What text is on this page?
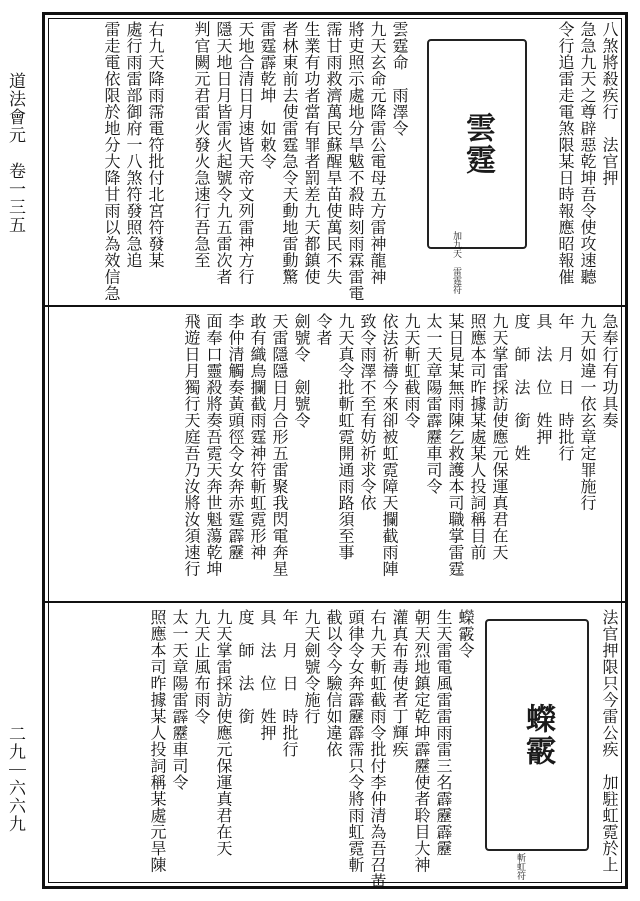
道法會元　卷一三五
二九｜六六九
雲霆
加九天　雷霆符
八煞將殺疾行　法官押
急急九天之尊辟惡乾坤吾令使攻速聽
令行追雷走電煞限某日時報應昭報催
雲霆命　雨澤令
九天玄命元降雷公電母五方雷神龍神
將吏照示處地分旱魃不殺時刻雨霖雷電
霈甘雨救濟萬民蘇醒旱苗使萬民不失
生業有功者當有罪者罰差九天都鎮使
者林東前去使雷霆急令天動地雷動驚
雷霆霹乾坤　如敕令
天地合清日月速皆天帝文列雷神方行
隱天地日月皆雷火起號令九五雷次者
判官闕元君雷火發火急速行吾急至
右九天降雨霈電符批付北宮符發某
處行雨雷部御府一八煞符發照急追
雷走電依限於地分大降甘雨以為效信急
急奉行有功具奏
九天如違一依玄章定罪施行
年　月　日　時批行
具　法　位　姓押
度　師　法　銜　姓
九天掌雷採訪使應元保運真君在天
照應本司昨據某處某人投詞稱目前
某日見某無雨陳乞救護本司職掌雷霆
太一天章陽雷霹靂車司令
九天斬虹截雨令
依法祈禱今來卻被虹霓障天攔截雨陣
致令雨澤不至有妨祈求令依
九天真令批斬虹霓開通雨路須至事
令者
劍號令　劍號令
天雷隱隱日月合形五雷聚我閃電奔星
敢有織鳥攔截雨霆神符斬虹霓形神
李仲清觸奏黃頭徑令女奔赤霆霹靂
面奉口靈殺將奏吾霓天奔世魁蕩乾坤
飛遊日月獨行天庭吾乃汝將汝須速行
法官押限只今雷公疾　加駐虹霓於上
蠑霰
斬虹符
蠑霰令
生天雷電風雷雷雨雷三名霹靂霹靂
朝天烈地鎮定乾坤霹靂使者聆目大神
灌真布毒使者丁輝疾
右九天斬虹截雨令批付李仲清為吾召黃
頭律令女奔霹靂霹霈只令將雨虹霓斬
截以令今驗信如違依
九天劍號令施行
年　月　日　時批行
具　法　位　姓押
度　師　法　銜
九天掌雷採訪使應元保運真君在天
九天止風布雨令
太一天章陽雷霹靂車司令
照應本司昨據某人投詞稱某處元旱陳
